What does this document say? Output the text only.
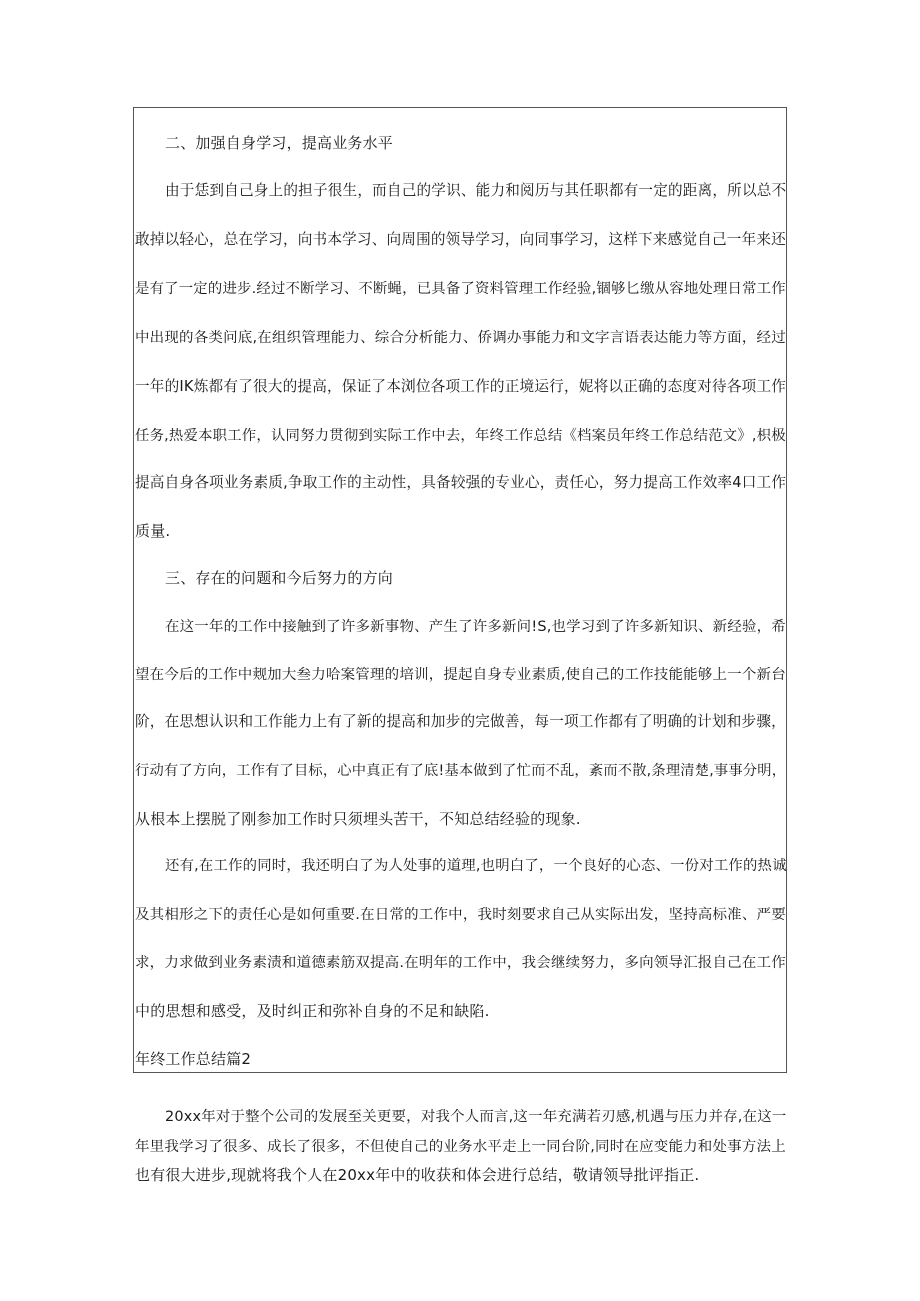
二、加强自身学习，提高业务水平
由于恁到自己身上的担子很生，而自己的学识、能力和阅历与其任职都有一定的距离，所以总不
敢掉以轻心，总在学习，向书本学习、向周围的领导学习，向同事学习，这样下来感觉自己一年来还
是有了一定的进步.经过不断学习、不断蝇，已具备了资料管理工作经验,锢够匕缴从容地处理日常工作
中出现的各类问底,在组织管理能力、综合分析能力、侨调办事能力和文字言语表达能力等方面，经过
一年的IK炼都有了很大的提高，保证了本浏位各项工作的正境运行，妮将以正确的态度对待各项工作
任务,热爱本职工作，认同努力贯彻到实际工作中去，年终工作总结《档案员年终工作总结范文》,枳极
提高自身各项业务素质,争取工作的主动性，具备较强的专业心，责任心，努力提高工作效率4口工作
质量.
三、存在的问题和今后努力的方向
在这一年的工作中接触到了许多新事物、产生了许多新问!S,也学习到了许多新知识、新经验，希
望在今后的工作中觌加大叁力哈案管理的培训，提起自身专业素质,使自己的工作技能能够上一个新台
阶，在思想认识和工作能力上有了新的提高和加步的完做善，每一项工作都有了明确的计划和步骤，
行动有了方向，工作有了目标，心中真正有了底!基本做到了忙而不乱，紊而不散,条理清楚,事事分明，
从根本上摆脱了刚参加工作时只须埋头苦干，不知总结经验的现象.
还有,在工作的同时，我还明白了为人处事的道理,也明白了，一个良好的心态、一份对工作的热诚
及其相形之下的责任心是如何重要.在日常的工作中，我时刻要求自己从实际出发，坚持高标准、严要
求，力求做到业务素渍和道德素筋双提高.在明年的工作中，我会继续努力，多向领导汇报自己在工作
中的思想和感受，及时纠正和弥补自身的不足和缺陷.
年终工作总结篇2
20xx年对于整个公司的发展至关更要，对我个人而言,这一年充满若刃感,机遇与压力并存,在这一
年里我学习了很多、成长了很多，不但使自己的业务水平走上一同台阶,同时在应变能力和处事方法上
也有很大进步,现就将我个人在20xx年中的收获和体会进行总结，敬请领导批评指正.
